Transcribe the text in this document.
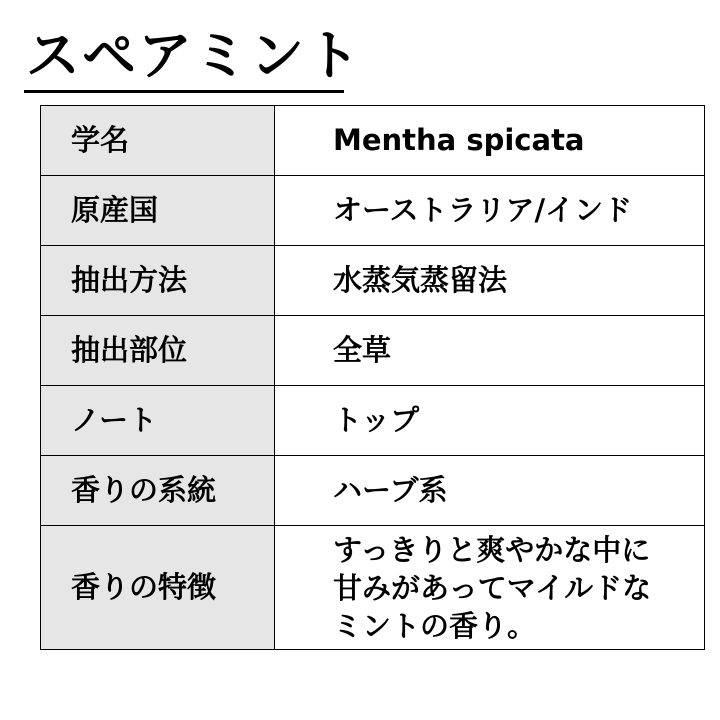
スペアミント
学名	Mentha spicata
原産国	オーストラリア/インド
抽出方法	水蒸気蒸留法
抽出部位	全草
ノート	トップ
香りの系統	ハーブ系
香りの特徴	すっきりと爽やかな中に
甘みがあってマイルドな
ミントの香り。
